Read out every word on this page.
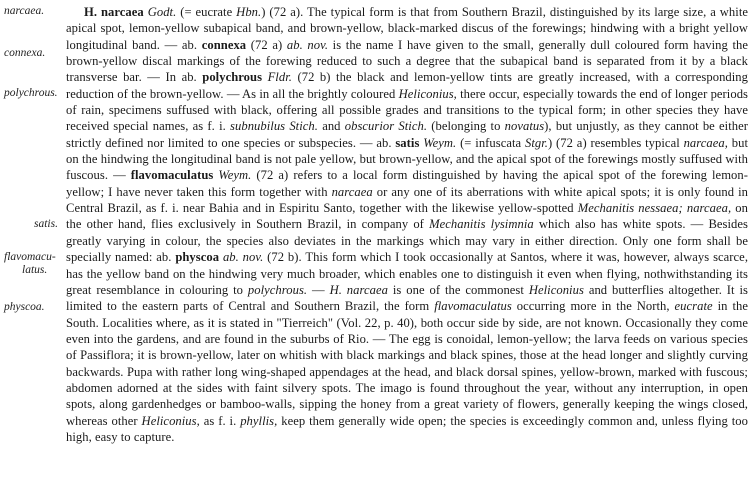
narcaea.
connexa.
polychrous.
satis.
flavomacu-
latus.
physcoa.
H. narcaea Godt. (= eucrate Hbn.) (72 a). The typical form is that from Southern Brazil, distinguished by its large size, a white apical spot, lemon-yellow subapical band, and brown-yellow, black-marked discus of the forewings; hindwing with a bright yellow longitudinal band. — ab. connexa (72 a) ab. nov. is the name I have given to the small, generally dull coloured form having the brown-yellow discal markings of the forewing reduced to such a degree that the subapical band is separated from it by a black transverse bar. — In ab. polychrous Fldr. (72 b) the black and lemon-yellow tints are greatly increased, with a corresponding reduction of the brown-yellow. — As in all the brightly coloured Heliconius, there occur, especially towards the end of longer periods of rain, specimens suffused with black, offering all possible grades and transitions to the typical form; in other species they have received special names, as f. i. subnubilus Stich. and obscurior Stich. (belonging to novatus), but unjustly, as they cannot be either strictly defined nor limited to one species or subspecies. — ab. satis Weym. (= infuscata Stgr.) (72 a) resembles typical narcaea, but on the hindwing the longitudinal band is not pale yellow, but brown-yellow, and the apical spot of the forewings mostly suffused with fuscous. — flavomaculatus Weym. (72 a) refers to a local form distinguished by having the apical spot of the forewing lemon-yellow; I have never taken this form together with narcaea or any one of its aberrations with white apical spots; it is only found in Central Brazil, as f. i. near Bahia and in Espiritu Santo, together with the likewise yellow-spotted Mechanitis nessaea; narcaea, on the other hand, flies exclusively in Southern Brazil, in company of Mechanitis lysimnia which also has white spots. — Besides greatly varying in colour, the species also deviates in the markings which may vary in either direction. Only one form shall be specially named: ab. physcoa ab. nov. (72 b). This form which I took occasionally at Santos, where it was, however, always scarce, has the yellow band on the hindwing very much broader, which enables one to distinguish it even when flying, nothwithstanding its great resemblance in colouring to polychrous. — H. narcaea is one of the commonest Heliconius and butterflies altogether. It is limited to the eastern parts of Central and Southern Brazil, the form flavomaculatus occurring more in the North, eucrate in the South. Localities where, as it is stated in "Tierreich" (Vol. 22, p. 40), both occur side by side, are not known. Occasionally they come even into the gardens, and are found in the suburbs of Rio. — The egg is conoidal, lemon-yellow; the larva feeds on various species of Passiflora; it is brown-yellow, later on whitish with black markings and black spines, those at the head longer and slightly curving backwards. Pupa with rather long wing-shaped appendages at the head, and black dorsal spines, yellow-brown, marked with fuscous; abdomen adorned at the sides with faint silvery spots. The imago is found throughout the year, without any interruption, in open spots, along gardenhedges or bamboo-walls, sipping the honey from a great variety of flowers, generally keeping the wings closed, whereas other Heliconius, as f. i. phyllis, keep them generally wide open; the species is exceedingly common and, unless flying too high, easy to capture.
